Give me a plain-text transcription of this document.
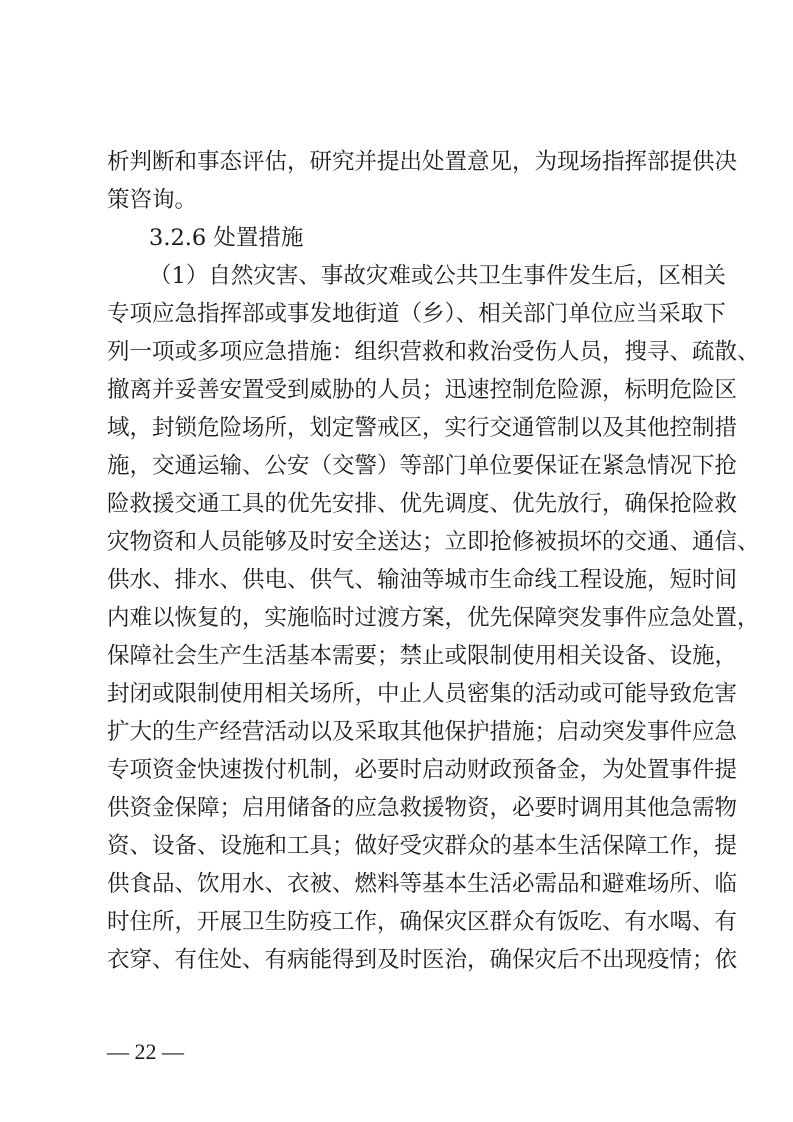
析判断和事态评估，研究并提出处置意见，为现场指挥部提供决
策咨询。
3.2.6 处置措施
（1）自然灾害、事故灾难或公共卫生事件发生后，区相关
专项应急指挥部或事发地街道（乡）、相关部门单位应当采取下
列一项或多项应急措施：组织营救和救治受伤人员，搜寻、疏散、
撤离并妥善安置受到威胁的人员；迅速控制危险源，标明危险区
域，封锁危险场所，划定警戒区，实行交通管制以及其他控制措
施，交通运输、公安（交警）等部门单位要保证在紧急情况下抢
险救援交通工具的优先安排、优先调度、优先放行，确保抢险救
灾物资和人员能够及时安全送达；立即抢修被损坏的交通、通信、
供水、排水、供电、供气、输油等城市生命线工程设施，短时间
内难以恢复的，实施临时过渡方案，优先保障突发事件应急处置，
保障社会生产生活基本需要；禁止或限制使用相关设备、设施，
封闭或限制使用相关场所，中止人员密集的活动或可能导致危害
扩大的生产经营活动以及采取其他保护措施；启动突发事件应急
专项资金快速拨付机制，必要时启动财政预备金，为处置事件提
供资金保障；启用储备的应急救援物资，必要时调用其他急需物
资、设备、设施和工具；做好受灾群众的基本生活保障工作，提
供食品、饮用水、衣被、燃料等基本生活必需品和避难场所、临
时住所，开展卫生防疫工作，确保灾区群众有饭吃、有水喝、有
衣穿、有住处、有病能得到及时医治，确保灾后不出现疫情；依
— 22 —
